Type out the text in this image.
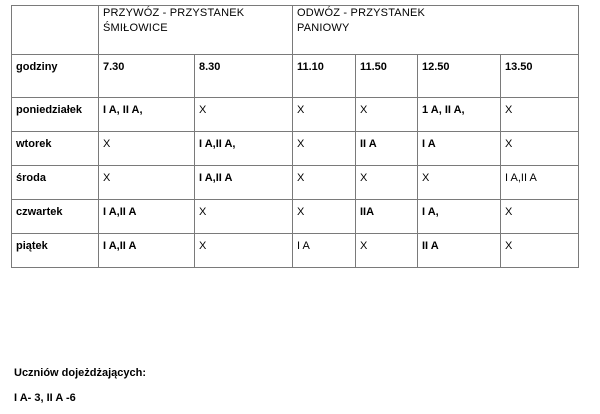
	PRZYWÓZ - PRZYSTANEK
ŚMIŁOWICE		ODWÓZ - PRZYSTANEK
PANIOWY			
godziny	7.30	8.30	11.10	11.50	12.50	13.50
poniedziałek	I A, II A,	X	X	X	1 A, II A,	X
wtorek	X	I A,II A,	X	II A	I A	X
środa	X	I A,II A	X	X	X	I A,II A
czwartek	I A,II A	X	X	IIA	I A,	X
piątek	I A,II A	X	I A	X	II A	X
Uczniów dojeżdżających:
I A- 3, II A -6
